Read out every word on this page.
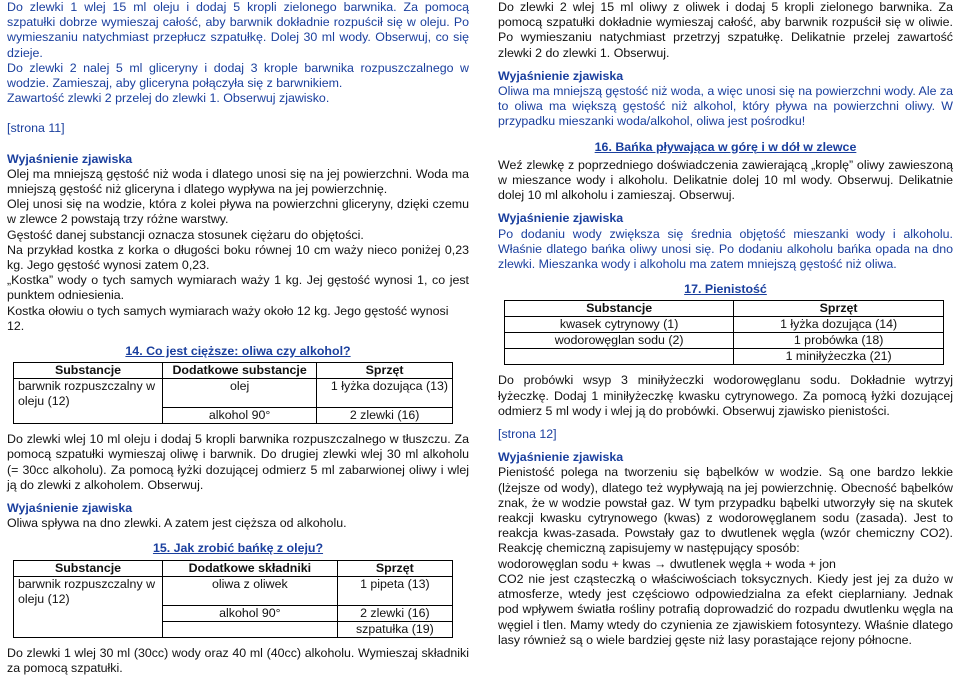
Do zlewki 1 wlej 15 ml oleju i dodaj 5 kropli zielonego barwnika. Za pomocą szpatułki dobrze wymieszaj całość, aby barwnik dokładnie rozpuścił się w oleju. Po wymieszaniu natychmiast przepłucz szpatułkę. Dolej 30 ml wody. Obserwuj, co się dzieje.

Do zlewki 2 nalej 5 ml gliceryny i dodaj 3 krople barwnika rozpuszczalnego w wodzie. Zamieszaj, aby gliceryna połączyła się z barwnikiem.

Zawartość zlewki 2 przelej do zlewki 1. Obserwuj zjawisko.

[strona 11]

Wyjaśnienie zjawiska

Olej ma mniejszą gęstość niż woda i dlatego unosi się na jej powierzchni. Woda ma mniejszą gęstość niż gliceryna i dlatego wypływa na jej powierzchnię.

Olej unosi się na wodzie, która z kolei pływa na powierzchni gliceryny, dzięki czemu w zlewce 2 powstają trzy różne warstwy.

Gęstość danej substancji oznacza stosunek ciężaru do objętości.

Na przykład kostka z korka o długości boku równej 10 cm waży nieco poniżej 0,23 kg. Jego gęstość wynosi zatem 0,23.

„Kostka” wody o tych samych wymiarach waży 1 kg. Jej gęstość wynosi 1, co jest punktem odniesienia.

Kostka ołowiu o tych samych wymiarach waży około 12 kg. Jego gęstość wynosi 12.

14. Co jest cięższe: oliwa czy alkohol?

Substancje	Dodatkowe substancje	Sprzęt
barwnik rozpuszczalny w oleju (12)	olej	1 łyżka dozująca (13)
	alkohol 90°	2 zlewki (16)

Do zlewki wlej 10 ml oleju i dodaj 5 kropli barwnika rozpuszczalnego w tłuszczu. Za pomocą szpatułki wymieszaj oliwę i barwnik. Do drugiej zlewki wlej 30 ml alkoholu (= 30cc alkoholu). Za pomocą łyżki dozującej odmierz 5 ml zabarwionej oliwy i wlej ją do zlewki z alkoholem. Obserwuj.

Wyjaśnienie zjawiska

Oliwa spływa na dno zlewki. A zatem jest cięższa od alkoholu.

15. Jak zrobić bańkę z oleju?

Substancje	Dodatkowe składniki	Sprzęt
barwnik rozpuszczalny w oleju (12)	oliwa z oliwek	1 pipeta (13)
	alkohol 90°	2 zlewki (16)
		szpatułka (19)

Do zlewki 1 wlej 30 ml (30cc) wody oraz 40 ml (40cc) alkoholu. Wymieszaj składniki za pomocą szpatułki.

Do zlewki 2 wlej 15 ml oliwy z oliwek i dodaj 5 kropli zielonego barwnika. Za pomocą szpatułki dokładnie wymieszaj całość, aby barwnik rozpuścił się w oliwie. Po wymieszaniu natychmiast przetrzyj szpatułkę. Delikatnie przelej zawartość zlewki 2 do zlewki 1. Obserwuj.

Wyjaśnienie zjawiska

Oliwa ma mniejszą gęstość niż woda, a więc unosi się na powierzchni wody. Ale za to oliwa ma większą gęstość niż alkohol, który pływa na powierzchni oliwy. W przypadku mieszanki woda/alkohol, oliwa jest pośrodku!

16. Bańka pływająca w górę i w dół w zlewce

Weź zlewkę z poprzedniego doświadczenia zawierającą „kroplę” oliwy zawieszoną w mieszance wody i alkoholu. Delikatnie dolej 10 ml wody. Obserwuj. Delikatnie dolej 10 ml alkoholu i zamieszaj. Obserwuj.

Wyjaśnienie zjawiska

Po dodaniu wody zwiększa się średnia objętość mieszanki wody i alkoholu. Właśnie dlatego bańka oliwy unosi się. Po dodaniu alkoholu bańka opada na dno zlewki. Mieszanka wody i alkoholu ma zatem mniejszą gęstość niż oliwa.

17. Pienistość

Substancje	Sprzęt
kwasek cytrynowy (1)	1 łyżka dozująca (14)
wodorowęglan sodu (2)	1 probówka (18)
	1 miniłyżeczka (21)

Do probówki wsyp 3 miniłyżeczki wodorowęglanu sodu. Dokładnie wytrzyj łyżeczkę. Dodaj 1 miniłyżeczkę kwasku cytrynowego. Za pomocą łyżki dozującej odmierz 5 ml wody i wlej ją do probówki. Obserwuj zjawisko pienistości.

[strona 12]

Wyjaśnienie zjawiska

Pienistość polega na tworzeniu się bąbelków w wodzie. Są one bardzo lekkie (lżejsze od wody), dlatego też wypływają na jej powierzchnię. Obecność bąbelków znak, że w wodzie powstał gaz. W tym przypadku bąbelki utworzyły się na skutek reakcji kwasku cytrynowego (kwas) z wodorowęglanem sodu (zasada). Jest to reakcja kwas-zasada. Powstały gaz to dwutlenek węgla (wzór chemiczny CO2). Reakcję chemiczną zapisujemy w następujący sposób:

wodorowęglan sodu + kwas → dwutlenek węgla + woda + jon

CO2 nie jest cząsteczką o właściwościach toksycznych. Kiedy jest jej za dużo w atmosferze, wtedy jest częściowo odpowiedzialna za efekt cieplarniany. Jednak pod wpływem światła rośliny potrafią doprowadzić do rozpadu dwutlenku węgla na węgiel i tlen. Mamy wtedy do czynienia ze zjawiskiem fotosyntezy. Właśnie dlatego lasy również są o wiele bardziej gęste niż lasy porastające rejony północne.
